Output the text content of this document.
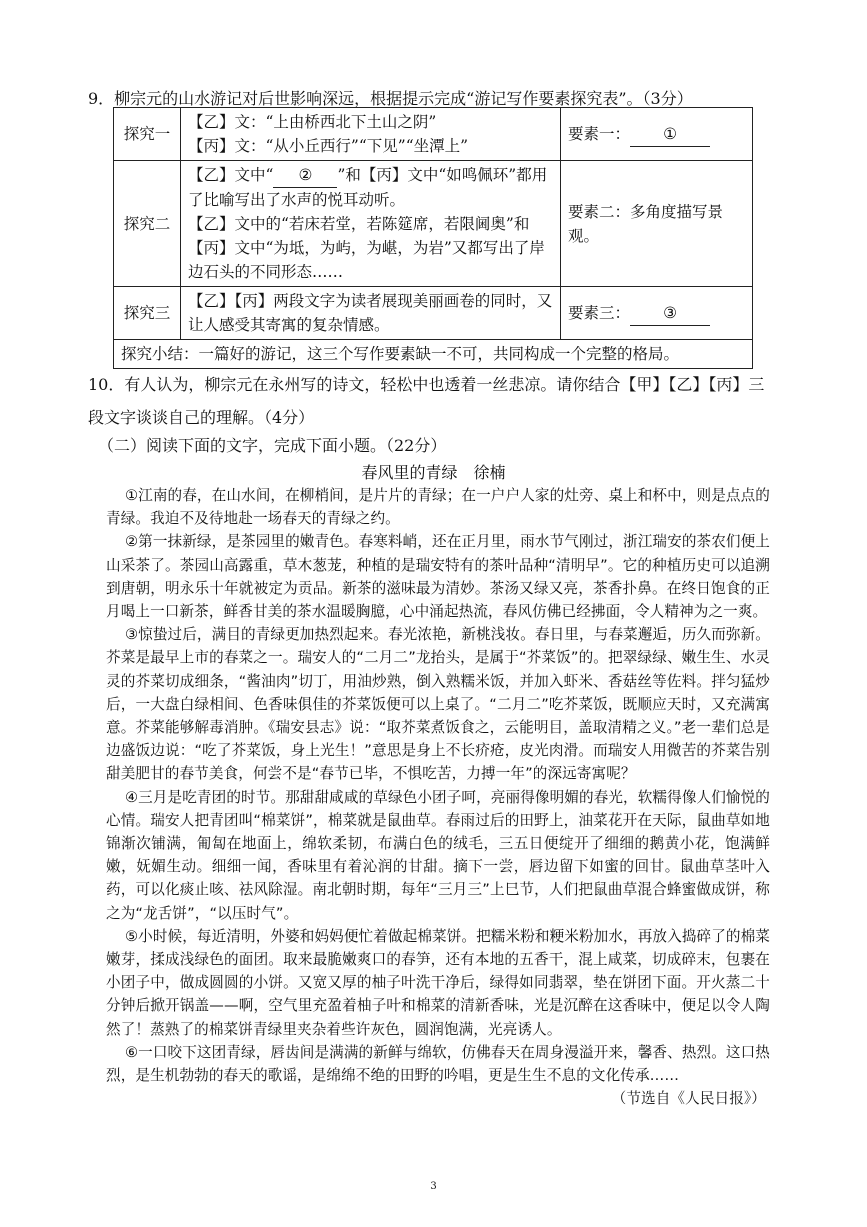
9．柳宗元的山水游记对后世影响深远，根据提示完成“游记写作要素探究表”。（3分）
探究一	【乙】文：“上由桥西北下土山之阴”
【丙】文：“从小丘西行”“下见”“坐潭上”	要素一： ①
探究二	【乙】文中“ ② ”和【丙】文中“如鸣佩环”都用了比喻写出了水声的悦耳动听。
【乙】文中的“若床若堂，若陈筵席，若限阃奥”和【丙】文中“为坻，为屿，为嵁，为岩”又都写出了岸边石头的不同形态……	要素二：多角度描写景观。
探究三	【乙】【丙】两段文字为读者展现美丽画卷的同时，又让人感受其寄寓的复杂情感。	要素三： ③
探究小结：一篇好的游记，这三个写作要素缺一不可，共同构成一个完整的格局。		
10．有人认为，柳宗元在永州写的诗文，轻松中也透着一丝悲凉。请你结合【甲】【乙】【丙】三段文字谈谈自己的理解。（4分）
（二）阅读下面的文字，完成下面小题。（22分）
春风里的青绿　徐楠

①江南的春，在山水间，在柳梢间，是片片的青绿；在一户户人家的灶旁、桌上和杯中，则是点点的青绿。我迫不及待地赴一场春天的青绿之约。

②第一抹新绿，是茶园里的嫩青色。春寒料峭，还在正月里，雨水节气刚过，浙江瑞安的茶农们便上山采茶了。茶园山高露重，草木葱茏，种植的是瑞安特有的茶叶品种“清明早”。它的种植历史可以追溯到唐朝，明永乐十年就被定为贡品。新茶的滋味最为清妙。茶汤又绿又亮，茶香扑鼻。在终日饱食的正月喝上一口新茶，鲜香甘美的茶水温暖胸臆，心中涌起热流，春风仿佛已经拂面，令人精神为之一爽。

③惊蛰过后，满目的青绿更加热烈起来。春光浓艳，新桃浅妆。春日里，与春菜邂逅，历久而弥新。芥菜是最早上市的春菜之一。瑞安人的“二月二”龙抬头，是属于“芥菜饭”的。把翠绿绿、嫩生生、水灵灵的芥菜切成细条，“酱油肉”切丁，用油炒熟，倒入熟糯米饭，并加入虾米、香菇丝等佐料。拌匀猛炒后，一大盘白绿相间、色香味俱佳的芥菜饭便可以上桌了。“二月二”吃芥菜饭，既顺应天时，又充满寓意。芥菜能够解毒消肿。《瑞安县志》说：“取芥菜煮饭食之，云能明目，盖取清精之义。”老一辈们总是边盛饭边说：“吃了芥菜饭，身上光生！”意思是身上不长疥疮，皮光肉滑。而瑞安人用微苦的芥菜告别甜美肥甘的春节美食，何尝不是“春节已毕，不惧吃苦，力搏一年”的深远寄寓呢？

④三月是吃青团的时节。那甜甜咸咸的草绿色小团子呵，亮丽得像明媚的春光，软糯得像人们愉悦的心情。瑞安人把青团叫“棉菜饼”，棉菜就是鼠曲草。春雨过后的田野上，油菜花开在天际，鼠曲草如地锦渐次铺满，匍匐在地面上，绵软柔韧，布满白色的绒毛，三五日便绽开了细细的鹅黄小花，饱满鲜嫩，妩媚生动。细细一闻，香味里有着沁润的甘甜。摘下一尝，唇边留下如蜜的回甘。鼠曲草茎叶入药，可以化痰止咳、祛风除湿。南北朝时期，每年“三月三”上巳节，人们把鼠曲草混合蜂蜜做成饼，称之为“龙舌饼”，“以压时气”。

⑤小时候，每近清明，外婆和妈妈便忙着做起棉菜饼。把糯米粉和粳米粉加水，再放入捣碎了的棉菜嫩芽，揉成浅绿色的面团。取来最脆嫩爽口的春笋，还有本地的五香干，混上咸菜，切成碎末，包裹在小团子中，做成圆圆的小饼。又宽又厚的柚子叶洗干净后，绿得如同翡翠，垫在饼团下面。开火蒸二十分钟后掀开锅盖——啊，空气里充盈着柚子叶和棉菜的清新香味，光是沉醉在这香味中，便足以令人陶然了！蒸熟了的棉菜饼青绿里夹杂着些许灰色，圆润饱满，光亮诱人。

⑥一口咬下这团青绿，唇齿间是满满的新鲜与绵软，仿佛春天在周身漫溢开来，馨香、热烈。这口热烈，是生机勃勃的春天的歌谣，是绵绵不绝的田野的吟唱，更是生生不息的文化传承……

（节选自《人民日报》）
3
